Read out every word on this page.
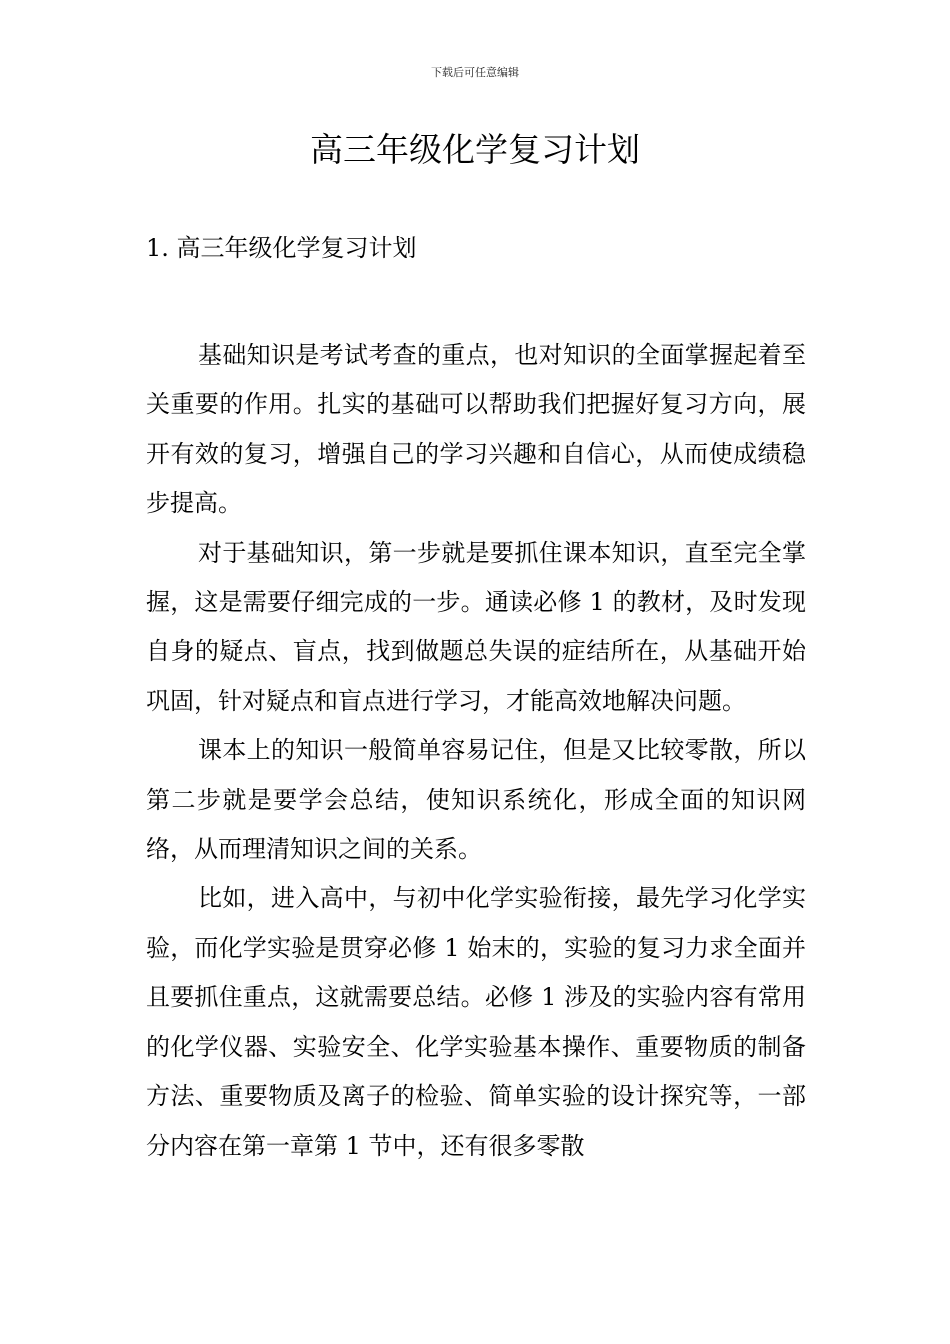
下载后可任意编辑
高三年级化学复习计划
1. 高三年级化学复习计划

基础知识是考试考查的重点，也对知识的全面掌握起着至关重要的作用。扎实的基础可以帮助我们把握好复习方向，展开有效的复习，增强自己的学习兴趣和自信心，从而使成绩稳步提高。

对于基础知识，第一步就是要抓住课本知识，直至完全掌握，这是需要仔细完成的一步。通读必修 1 的教材，及时发现自身的疑点、盲点，找到做题总失误的症结所在，从基础开始巩固，针对疑点和盲点进行学习，才能高效地解决问题。

课本上的知识一般简单容易记住，但是又比较零散，所以第二步就是要学会总结，使知识系统化，形成全面的知识网络，从而理清知识之间的关系。

比如，进入高中，与初中化学实验衔接，最先学习化学实验，而化学实验是贯穿必修 1 始末的，实验的复习力求全面并且要抓住重点，这就需要总结。必修 1 涉及的实验内容有常用的化学仪器、实验安全、化学实验基本操作、重要物质的制备方法、重要物质及离子的检验、简单实验的设计探究等，一部分内容在第一章第 1 节中，还有很多零散
